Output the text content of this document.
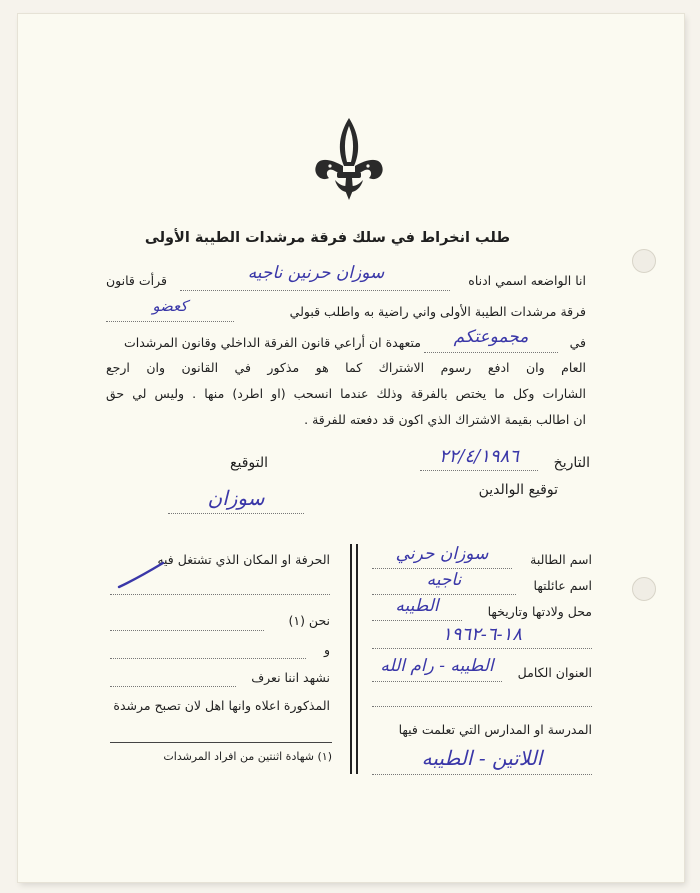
طلب انخراط في سلك فرقة مرشدات الطيبة الأولى
انا الواضعه اسمي ادناه
قرأت قانون	سوزان حرنين ناجيه
فرقة مرشدات الطيبة الأولى واني راضية به واطلب قبولي
كعضو
في
مجموعتكم
متعهدة ان أراعي قانون الفرقة الداخلي وقانون المرشدات
العام وان ادفع رسوم الاشتراك كما هو مذكور في القانون وان ارجع
الشارات وكل ما يختص بالفرقة وذلك عندما انسحب (او اطرد) منها . وليس لي حق
ان اطالب بقيمة الاشتراك الذي اكون قد دفعته للفرقة .
التاريخ
٢٢/٤/١٩٨٦
التوقيع
توقيع الوالدين
سوزان
اسم الطالبة
سوزان حرني
اسم عائلتها
ناجيه
محل ولادتها وتاريخها
الطيبه
١٨-٦-١٩٦٢
العنوان الكامل
الطيبه - رام الله
المدرسة او المدارس التي تعلمت فيها
اللاتين - الطيبه
الحرفة او المكان الذي تشتغل فيه
نحن (١)
و
نشهد اننا نعرف
المذكورة اعلاه وانها اهل لان تصبح مرشدة
(١) شهادة اثنتين من افراد المرشدات
